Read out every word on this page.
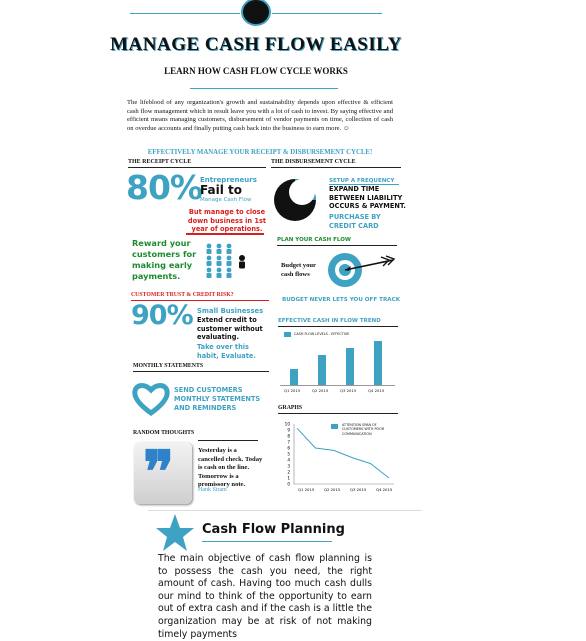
MANAGE CASH FLOW EASILY
LEARN HOW CASH FLOW CYCLE WORKS
The lifeblood of any organization's growth and sustainability depends upon effective & efficient cash flow management which in result leave you with a lot of cash to invest. By saying effective and efficient means managing customers, disbursement of vendor payments on time, collection of cash on overdue accounts and finally putting cash back into the business to earn more. ☺
EFFECTIVELY MANAGE YOUR RECEIPT & DISBURSEMENT CYCLE!
THE RECEIPT CYCLE
80%
Entrepreneurs
Fail to
Manage Cash Flow
But manage to close down business in 1st year of operations.
Reward your customers for making early payments.
CUSTOMER TRUST & CREDIT RISK?
90% Small Businesses
Extend credit to customer without evaluating.
Take over this habit, Evaluate.
MONTHLY STATEMENTS
SEND CUSTOMERS MONTHLY STATEMENTS AND REMINDERS
RANDOM THOUGHTS
❞	Yesterday is a cancelled check. Today is cash on the line. Tomorrow is a promissory note.
Hank Stram
THE DISBURSEMENT CYCLE
SETUP A FREQUENCY
EXPAND TIME BETWEEN LIABILITY OCCURS & PAYMENT.
PURCHASE BY CREDIT CARD
PLAN YOUR CASH FLOW
Budget your cash flows
BUDGET NEVER LETS YOU OFF TRACK
EFFECTIVE CASH IN FLOW TREND
CASH FLOW LEVELS - EFFECTIVE
Q1 2015	Q2 2015	Q3 2015	Q4 2015
GRAPHS
ATTENTION SPAN OF CUSTOMERS WITH POOR COMMUNICATION
10
9
8
7
6
5
4
3
2
1
0
Q1 2015	Q2 2015	Q3 2015	Q4 2015
Cash Flow Planning
The main objective of cash flow planning is to possess the cash you need, the right amount of cash. Having too much cash dulls our mind to think of the opportunity to earn out of extra cash and if the cash is a little the organization may be at risk of not making timely payments
